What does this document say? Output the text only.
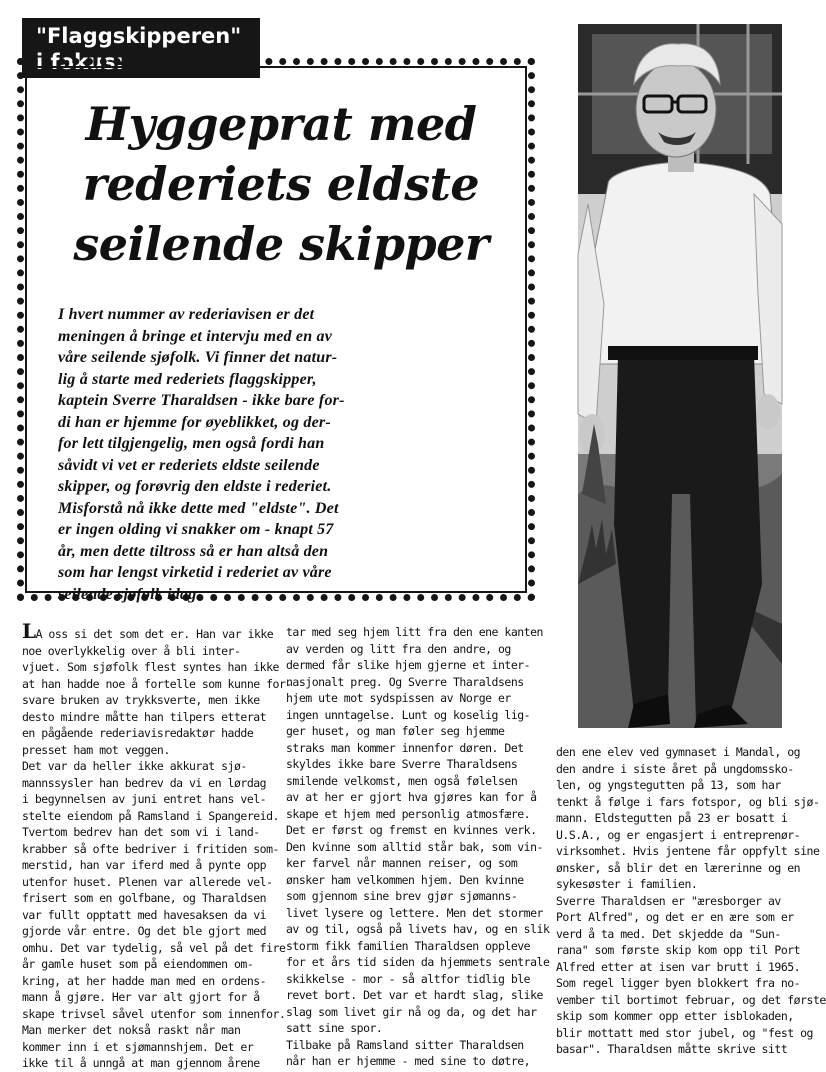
"Flaggskipperen"
i fokus:
Hyggeprat med
rederiets eldste
seilende skipper
I hvert nummer av rederiavisen er det
meningen å bringe et intervju med en av
våre seilende sjøfolk. Vi finner det natur-
lig å starte med rederiets flaggskipper,
kaptein Sverre Tharaldsen - ikke bare for-
di han er hjemme for øyeblikket, og der-
for lett tilgjengelig, men også fordi han
såvidt vi vet er rederiets eldste seilende
skipper, og forøvrig den eldste i rederiet.
Misforstå nå ikke dette med "eldste". Det
er ingen olding vi snakker om - knapt 57
år, men dette tiltross så er han altså den
som har lengst virketid i rederiet av våre
seilende sjøfolk idag.
LA oss si det som det er. Han var ikke
noe overlykkelig over å bli inter-
vjuet. Som sjøfolk flest syntes han ikke
at han hadde noe å fortelle som kunne for-
svare bruken av trykksverte, men ikke
desto mindre måtte han tilpers etterat
en pågående rederiavisredaktør hadde
presset ham mot veggen.
Det var da heller ikke akkurat sjø-
mannssysler han bedrev da vi en lørdag
i begynnelsen av juni entret hans vel-
stelte eiendom på Ramsland i Spangereid.
Tvertom bedrev han det som vi i land-
krabber så ofte bedriver i fritiden som-
merstid, han var iferd med å pynte opp
utenfor huset. Plenen var allerede vel-
frisert som en golfbane, og Tharaldsen
var fullt opptatt med havesaksen da vi
gjorde vår entre. Og det ble gjort med
omhu. Det var tydelig, så vel på det fire
år gamle huset som på eiendommen om-
kring, at her hadde man med en ordens-
mann å gjøre. Her var alt gjort for å
skape trivsel såvel utenfor som innenfor.
Man merker det nokså raskt når man
kommer inn i et sjømannshjem. Det er
ikke til å unngå at man gjennom årene
tar med seg hjem litt fra den ene kanten
av verden og litt fra den andre, og
dermed får slike hjem gjerne et inter-
nasjonalt preg. Og Sverre Tharaldsens
hjem ute mot sydspissen av Norge er
ingen unntagelse. Lunt og koselig lig-
ger huset, og man føler seg hjemme
straks man kommer innenfor døren. Det
skyldes ikke bare Sverre Tharaldsens
smilende velkomst, men også følelsen
av at her er gjort hva gjøres kan for å
skape et hjem med personlig atmosfære.
Det er først og fremst en kvinnes verk.
Den kvinne som alltid står bak, som vin-
ker farvel når mannen reiser, og som
ønsker ham velkommen hjem. Den kvinne
som gjennom sine brev gjør sjømanns-
livet lysere og lettere. Men det stormer
av og til, også på livets hav, og en slik
storm fikk familien Tharaldsen oppleve
for et års tid siden da hjemmets sentrale
skikkelse - mor - så altfor tidlig ble
revet bort. Det var et hardt slag, slike
slag som livet gir nå og da, og det har
satt sine spor.
Tilbake på Ramsland sitter Tharaldsen
når han er hjemme - med sine to døtre,
den ene elev ved gymnaset i Mandal, og
den andre i siste året på ungdomssko-
len, og yngstegutten på 13, som har
tenkt å følge i fars fotspor, og bli sjø-
mann. Eldstegutten på 23 er bosatt i
U.S.A., og er engasjert i entreprenør-
virksomhet. Hvis jentene får oppfylt sine
ønsker, så blir det en lærerinne og en
sykesøster i familien.
Sverre Tharaldsen er "æresborger av
Port Alfred", og det er en ære som er
verd å ta med. Det skjedde da "Sun-
rana" som første skip kom opp til Port
Alfred etter at isen var brutt i 1965.
Som regel ligger byen blokkert fra no-
vember til bortimot februar, og det første
skip som kommer opp etter isblokaden,
blir mottatt med stor jubel, og "fest og
basar". Tharaldsen måtte skrive sitt
